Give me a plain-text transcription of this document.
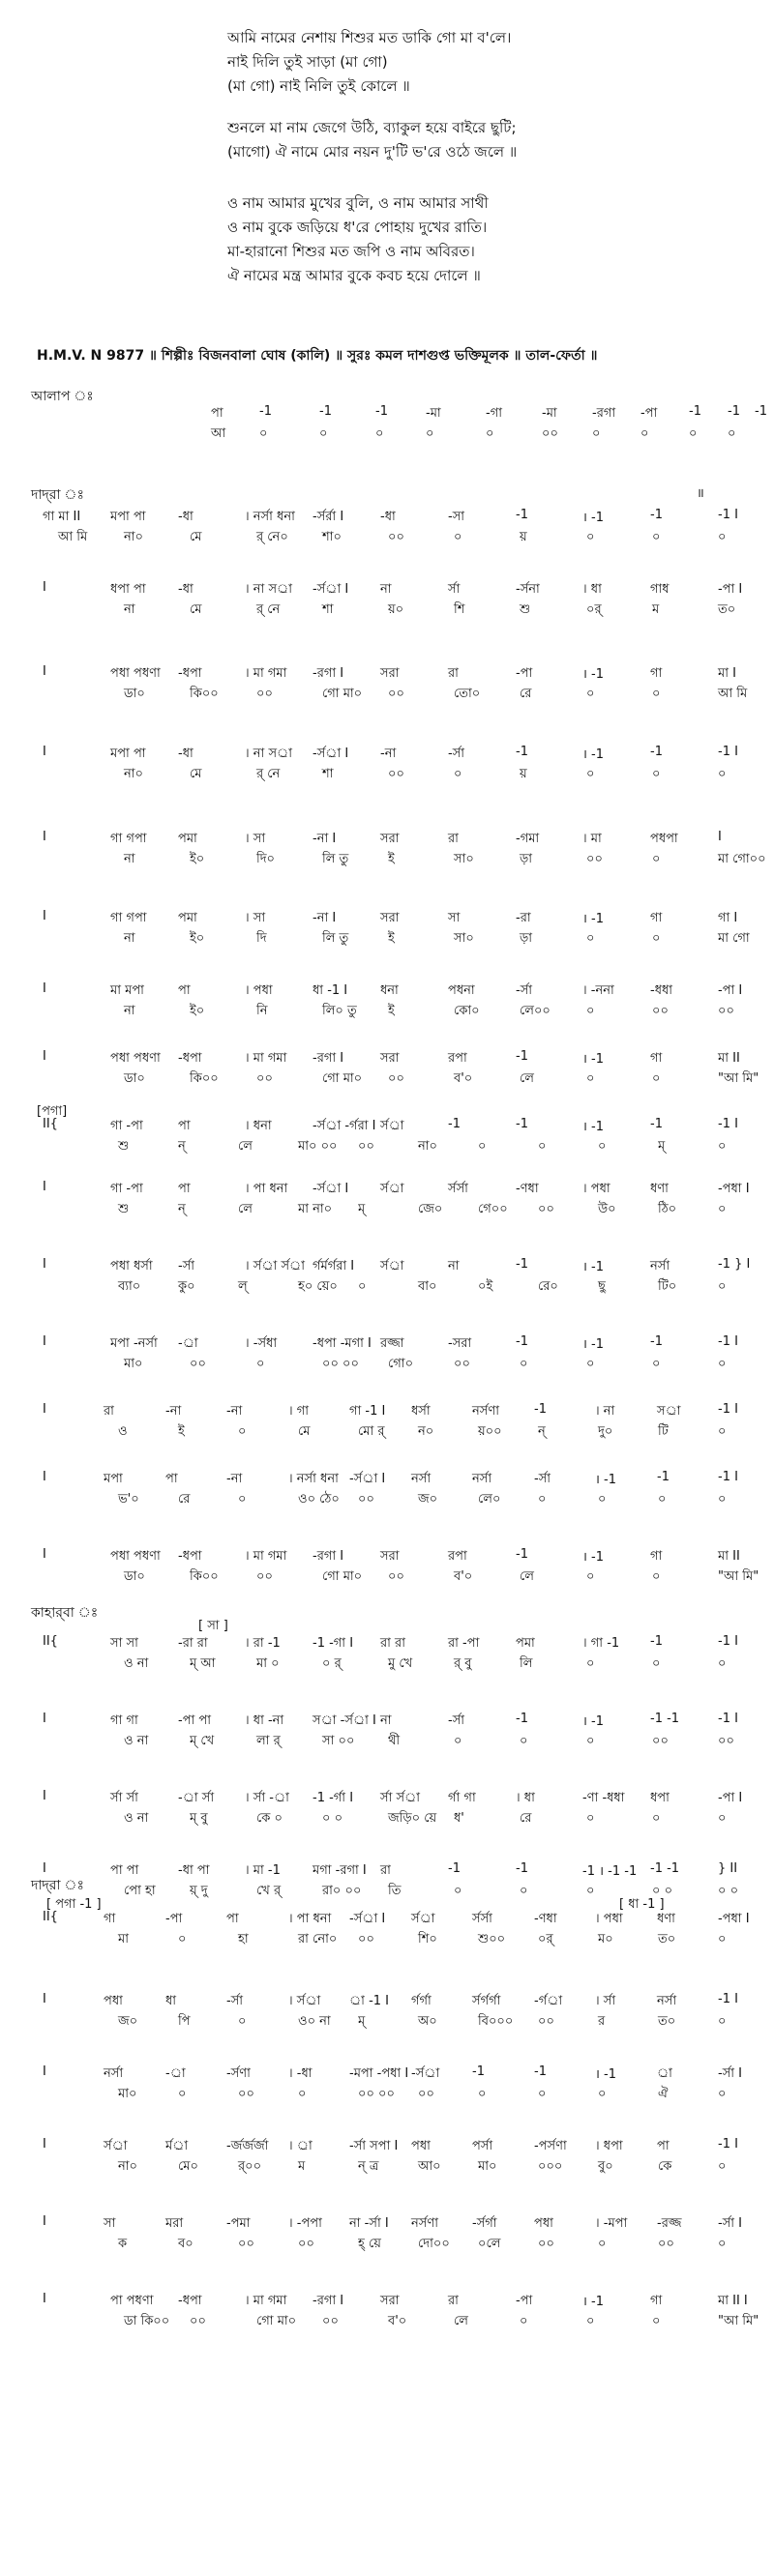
আমি নামের নেশায় শিশুর মত ডাকি গো মা ব'লে।
নাই দিলি তুই সাড়া (মা গো)
(মা গো) নাই নিলি তুই কোলে ॥
শুনলে মা নাম জেগে উঠি, ব্যাকুল হয়ে বাইরে ছুটি;
(মাগো) ঐ নামে মোর নয়ন দু'টি ভ'রে ওঠে জলে ॥
ও নাম আমার মুখের বুলি, ও নাম আমার সাথী
ও নাম বুকে জড়িয়ে ধ'রে পোহায় দুখের রাতি।
মা-হারানো শিশুর মত জপি ও নাম অবিরত।
ঐ নামের মন্ত্র আমার বুকে কবচ হয়ে দোলে ॥
H.M.V. N 9877 ॥ শিল্পীঃ বিজনবালা ঘোষ (কালি) ॥ সুরঃ কমল দাশগুপ্ত ভক্তিমূলক ॥ তাল-ফের্তা ॥
আলাপ ঃ
দাদ্‌রা ঃ
কাহার্‌বা ঃ
দাদ্‌রা ঃ
॥
[পগা]
[ সা ]
[ পগা -1 ]	[ ধা -1 ]
পা	-1	-1	-1	-মা	-গা	-মা	-রগা -পা	-1 -1 -1
আ	০	০	০	০	০	০০	০	০	০ ০
গা মা II মপা পা	-ধা	। নর্সা ধনা -র্সর্রা I	-ধা	-সা	-1	। -1	-1	-1 I
আ মি	না০	মে	র্ নে০	শা০	০০	০	য়	০	০	০
I	ধপা পা	-ধা	। না সর্া -র্সর্া I	না	র্সা	-র্সনা	। ধা	গাধ	-পা I
না	মে	র্ নে	শা	য়০	শি	শু	০র্	ম	ত০
I	পধা পধণা -ধপা	। মা গমা -রগা I	সরা	রা	-পা	। -1	গা	মা I
ডা০	কি০০	০০	গো মা০ ০০	তো০	রে	০	০	আ মি
I	মপা পা	-ধা	। না সর্া -র্সর্া I	-না	-র্সা	-1	। -1	-1	-1 I
না০	মে	র্ নে	শা	০০	০	য়	০	০	০
I	গা গপা পমা	। সা	-না I	সরা	রা	-গমা	। মা	পধপা	I
না	ই০	দি০	লি তু	ই	সা০	ড়া	০০	০	মা গো০০
I	গা গপা পমা	। সা	-না I	সরা	সা	-রা	। -1	গা	গা I
না	ই০	দি	লি তু	ই	সা০	ড়া	০	০	মা গো
I	মা মপা	পা	। পধা	ধা -1 I	ধনা	পধনা	-র্সা	। -ননা	-ধধা	-পা I
না	ই০	নি	লি০ তু ই	কো০	লে০০	০	০০	০০
I	পধা পধণা -ধপা	। মা গমা -রগা I	সরা	রপা	-1	। -1	গা	মা II
ডা০	কি০০	০০	গো মা০ ০০	ব'০	লে	০	০	"আ মি"
II{	গা -পা	পা	। ধনা	-র্সর্া -র্গরা I র্সর্া	-1	-1	। -1	-1	-1 I
শু	ন্	লে	মা০ ০০ ০০	না০	০	০	০	ম্	০
I	গা -পা	পা	। পা ধনা -র্সর্া I	র্সর্া	র্সর্সা	-ণধা	। পধা	ধণা	-পধা I
শু	ন্	লে	মা না০ ম্	জে০	গে০০ ০০	উ০	ঠি০	০
I	পধা ধর্সা -র্সা	। র্সর্া র্সর্া র্গর্মর্গরা I র্সর্া	না	-1	। -1	নর্সা	-1 } I
ব্যা০	কু০	ল্	হ০ য়ে০ ০	বা০	০ই	রে০	ছু	টি০	০
I	মপা -নর্সা -র্া	। -র্সধা	-ধপা -মগা I রজ্জা	-সরা	-1	। -1	-1	-1 I
মা০	০০	০	০০ ০০ গো০	০০	০	০	০	০
I	রা	-না	-না	। গা	গা -1 I ধর্সা	নর্সণা	-1	। না	সর্া	-1 I
ও	ই	০	মে	মো র্	ন০	য়০০	ন্	দু০	টি	০
I	মপা	পা	-না	। নর্সা ধনা -র্সর্া I নর্সা	নর্সা	-র্সা	। -1	-1	-1 I
ভ'০	রে	০	ও০ ঠে০ ০০	জ০	লে০	০	০	০	০
I	পধা পধণা -ধপা	। মা গমা -রগা I	সরা	রপা	-1	। -1	গা	মা II
ডা০	কি০০	০০	গো মা০ ০০	ব'০	লে	০	০	"আ মি"
II{	সা সা	-রা রা	। রা -1	-1 -গা I রা রা	রা -পা	পমা	। গা -1 -1	-1 I
ও না	ম্ আ	মা ০	০ র্	মু খে	র্ বু	লি	০	০	০
I	গা গা	-পা পা	। ধা -না সর্া -র্সর্া I না	-র্সা	-1	। -1	-1 -1	-1 I
ও না	ম্ খে	লা র্	সা ০০	থী	০	০	০	০০	০০
I	র্সা র্সা	-র্া র্সা । র্সা -র্া -1 -র্গা I র্সা র্সর্া র্গা গা	। ধা	-ণা -ধধা ধপা	-পা I
ও না	ম্ বু	কে ০	০ ০	জড়ি০ য়ে ধ'	রে	০	০	০
I	পা পা	-ধা পা	। মা -1	মগা -রগা I রা	-1	-1	-1 । -1 -1 -1 -1	} II
পো হা	য়্ দু	খে র্	রা০ ০০ তি	০	০	০	০ ০	০ ০
II{	গা	-পা	পা	। পা ধনা -র্সর্া I র্সর্া	র্সর্সা	-ণধা	। পধা	ধণা	-পধা I
মা	০	হা	রা নো০ ০০	শি০	শু০০	০র্	ম০	ত০	০
I	পধা	ধা	-র্সা	। র্সর্া র্া -1 I র্গর্গা	র্সর্গর্গা	-র্গর্া	। র্সা	নর্সা	-1 I
জ০	পি	০	ও০ না ম্	অ০	বি০০০ ০০	র	ত০	০
I	নর্সা	-র্া	-র্সণা	। -ধা	-মপা -পধা I -র্সর্া	-1	-1	। -1	র্া	-র্সা I
মা০	০	০০	০	০০ ০০ ০০	০	০	০	ঐ	০
I	র্সর্া	র্মর্া	-র্জর্জর্জা । র্া	-র্সা সপা I পধা	পর্সা	-পর্সণা । ধপা	পা	-1 I
না০	মে০	র্০০	ম	ন্ ত্র	আ০	মা০	০০০	বু০	কে	০
I	সা	মরা	-পমা	। -পপা না -র্সা I নর্সণা	-র্সর্গা	পধা	। -মপা -রজ্জ	-র্সা I
ক	ব০	০০	০০	হ্ য়ে	দো০০ ০লে	০০	০	০০	০
I	পা পধণা -ধপা	। মা গমা -রগা I	সরা	রা	-পা	। -1	গা	মা II I
ডা কি০০ ০০	গো মা০ ০০	ব'০	লে	০	০	০	"আ মি"
